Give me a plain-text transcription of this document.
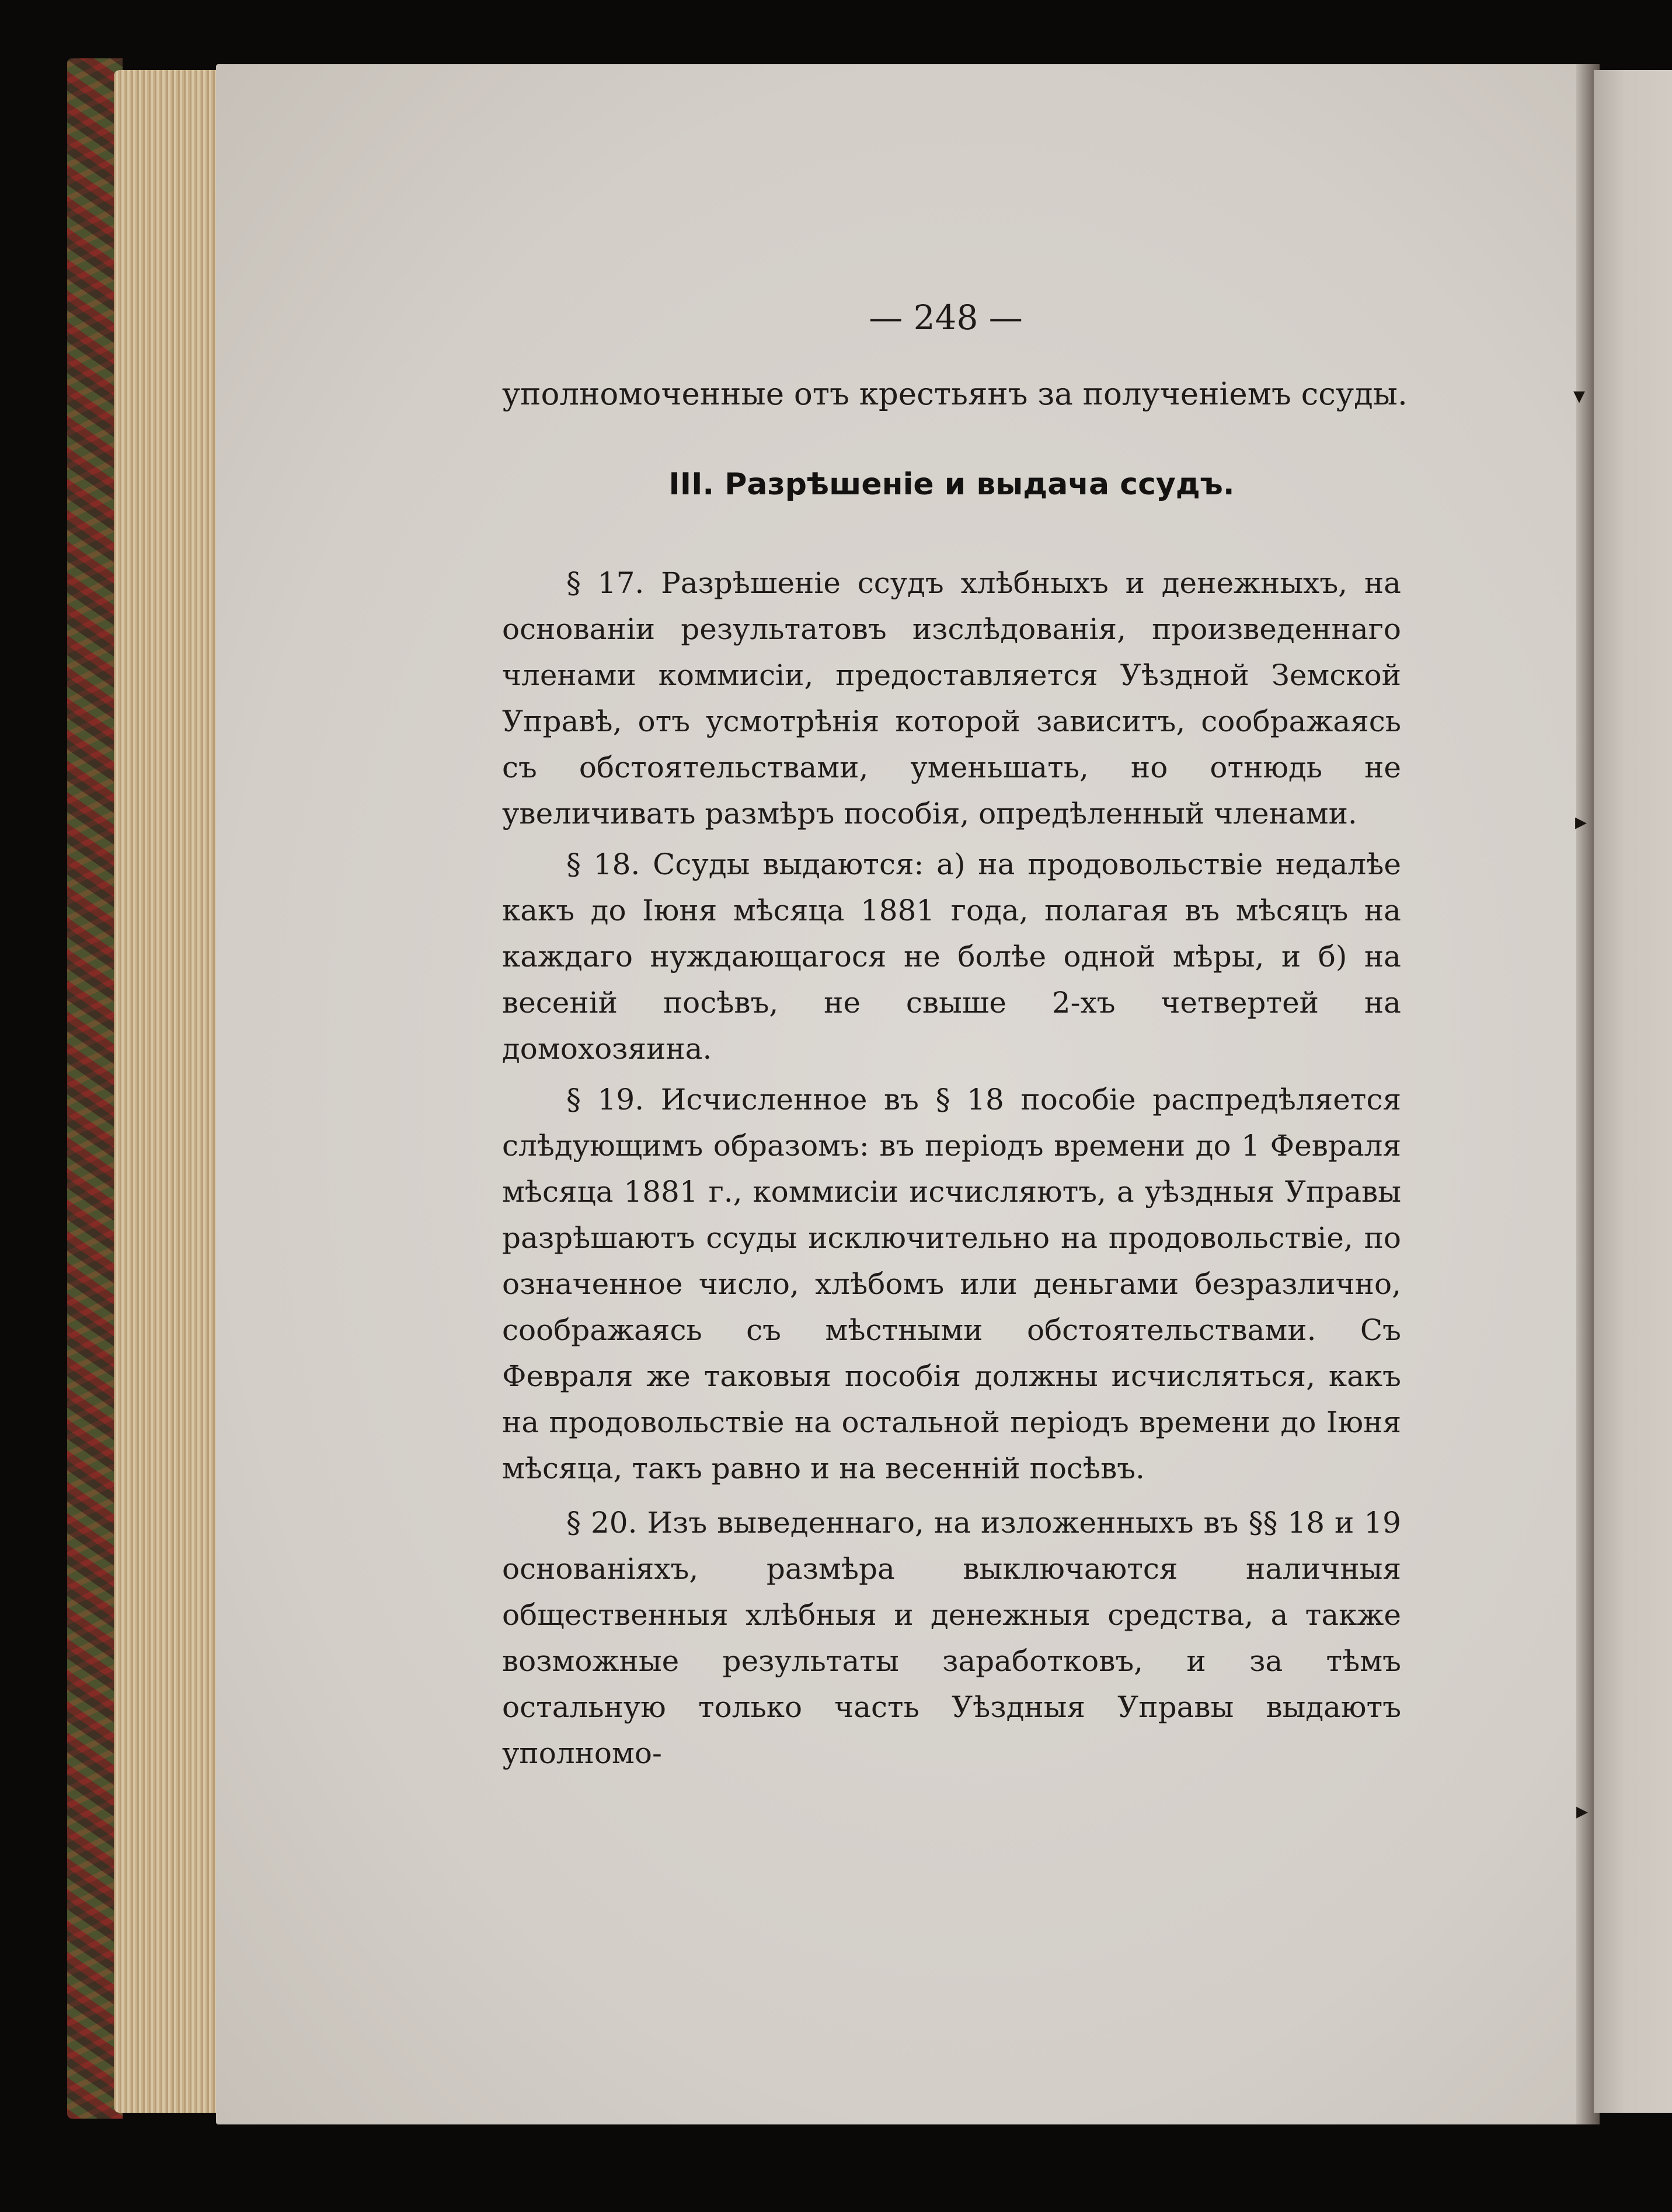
▾
▸
▸
— 248 —
уполномоченные отъ крестьянъ за полученіемъ ссуды.
III. Разрѣшеніе и выдача ссудъ.

§ 17. Разрѣшеніе ссудъ хлѣбныхъ и денежныхъ, на основаніи результатовъ изслѣдованія, произведеннаго членами коммисіи, предоставляется Уѣздной Земской Управѣ, отъ усмотрѣнія которой зависитъ, соображаясь съ обстоятельствами, уменьшать, но отнюдь не увеличивать размѣръ пособія, опредѣленный членами.

§ 18. Ссуды выдаются: а) на продовольствіе недалѣе какъ до Іюня мѣсяца 1881 года, полагая въ мѣсяцъ на каждаго нуждающагося не болѣе одной мѣры, и б) на весеній посѣвъ, не свыше 2-хъ четвертей на домохозяина.

§ 19. Исчисленное въ § 18 пособіе распредѣляется слѣдующимъ образомъ: въ періодъ времени до 1 Февраля мѣсяца 1881 г., коммисіи исчисляютъ, а уѣздныя Управы разрѣшаютъ ссуды исключительно на продовольствіе, по означенное число, хлѣбомъ или деньгами безразлично, соображаясь съ мѣстными обстоятельствами. Съ Февраля же таковыя пособія должны исчисляться, какъ на продовольствіе на остальной періодъ времени до Іюня мѣсяца, такъ равно и на весенній посѣвъ.

§ 20. Изъ выведеннаго, на изложенныхъ въ §§ 18 и 19 основаніяхъ, размѣра выключаются наличныя общественныя хлѣбныя и денежныя средства, а также возможные результаты заработковъ, и за тѣмъ остальную только часть Уѣздныя Управы выдаютъ уполномо-
